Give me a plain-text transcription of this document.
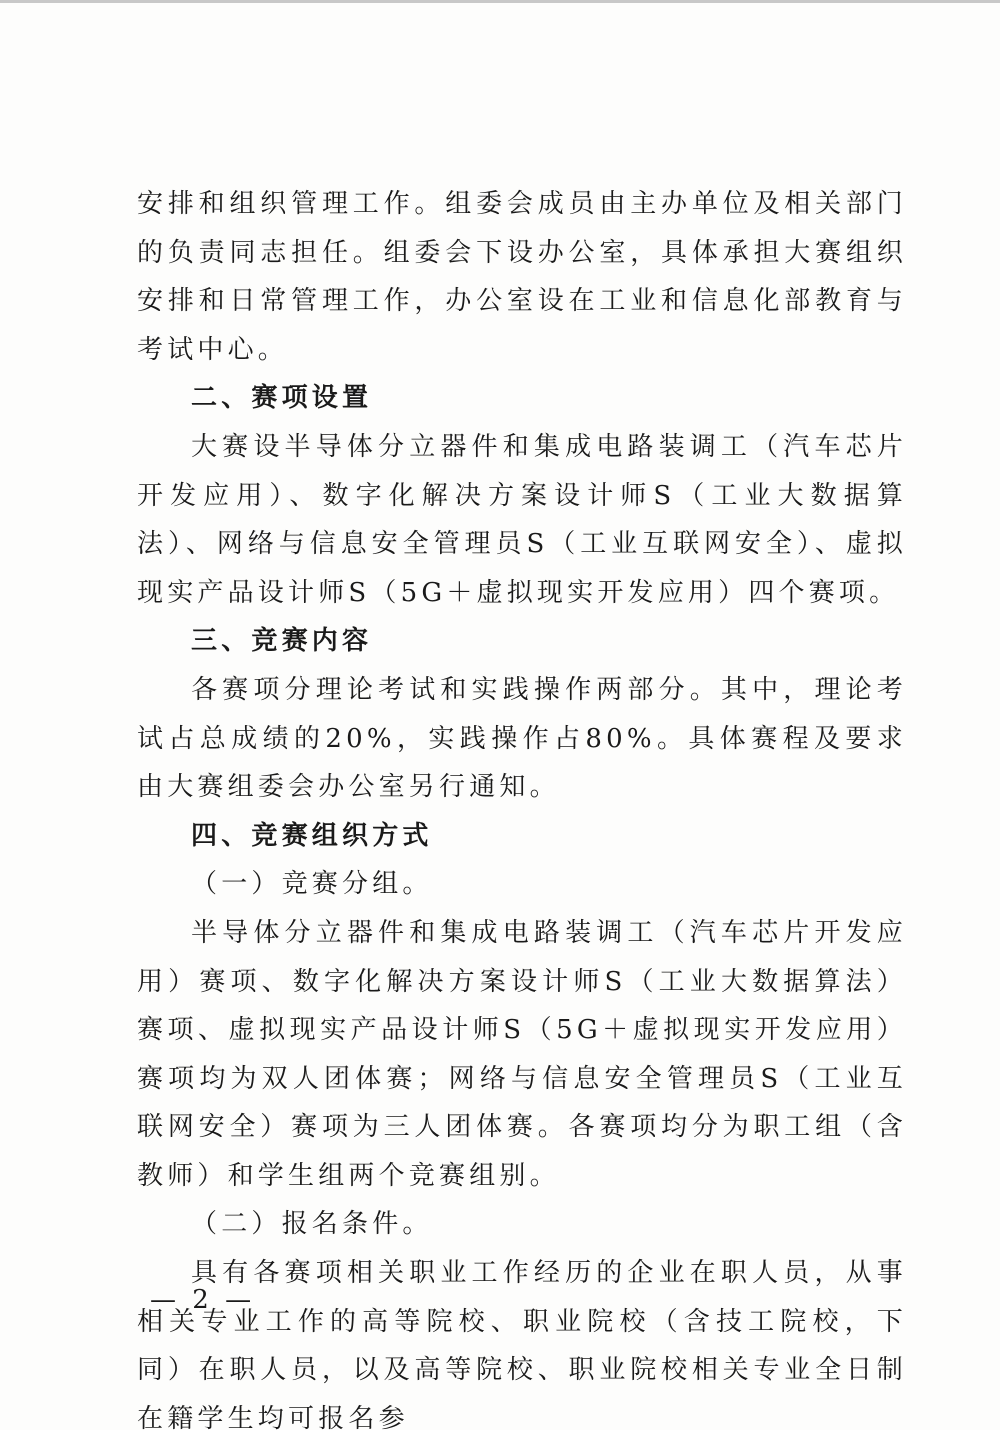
安排和组织管理工作。组委会成员由主办单位及相关部门的负责同志担任。组委会下设办公室，具体承担大赛组织安排和日常管理工作，办公室设在工业和信息化部教育与考试中心。

二、赛项设置

大赛设半导体分立器件和集成电路装调工（汽车芯片开发应用）、数字化解决方案设计师S（工业大数据算法）、网络与信息安全管理员S（工业互联网安全）、虚拟现实产品设计师S（5G＋虚拟现实开发应用）四个赛项。

三、竞赛内容

各赛项分理论考试和实践操作两部分。其中，理论考试占总成绩的20%，实践操作占80%。具体赛程及要求由大赛组委会办公室另行通知。

四、竞赛组织方式

（一）竞赛分组。

半导体分立器件和集成电路装调工（汽车芯片开发应用）赛项、数字化解决方案设计师S（工业大数据算法）赛项、虚拟现实产品设计师S（5G＋虚拟现实开发应用）赛项均为双人团体赛；网络与信息安全管理员S（工业互联网安全）赛项为三人团体赛。各赛项均分为职工组（含教师）和学生组两个竞赛组别。

（二）报名条件。

具有各赛项相关职业工作经历的企业在职人员，从事相关专业工作的高等院校、职业院校（含技工院校，下同）在职人员，以及高等院校、职业院校相关专业全日制在籍学生均可报名参

— 2 —
